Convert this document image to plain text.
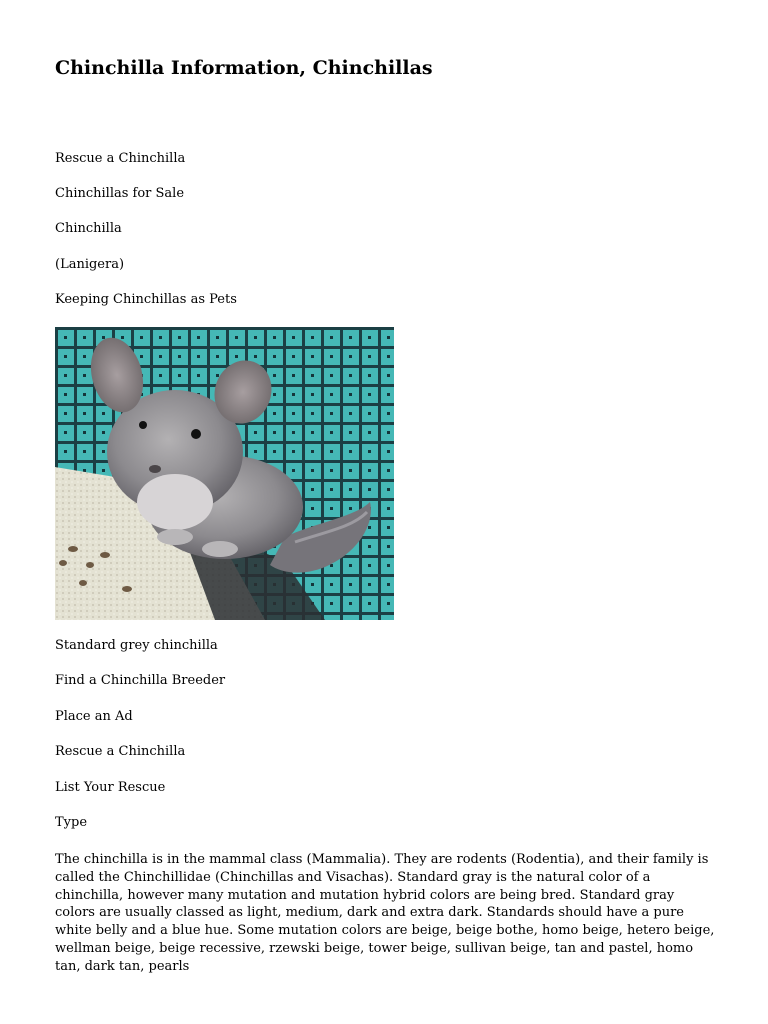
Chinchilla Information, Chinchillas

Rescue a Chinchilla

Chinchillas for Sale

Chinchilla

(Lanigera)

Keeping Chinchillas as Pets

Standard grey chinchilla

Find a Chinchilla Breeder

Place an Ad

Rescue a Chinchilla

List Your Rescue

Type

The chinchilla is in the mammal class (Mammalia). They are rodents (Rodentia), and their family is called the Chinchillidae (Chinchillas and Visachas). Standard gray is the natural color of a chinchilla, however many mutation and mutation hybrid colors are being bred. Standard gray colors are usually classed as light, medium, dark and extra dark. Standards should have a pure white belly and a blue hue. Some mutation colors are beige, beige bothe, homo beige, hetero beige, wellman beige, beige recessive, rzewski beige, tower beige, sullivan beige, tan and pastel, homo tan, dark tan, pearls
